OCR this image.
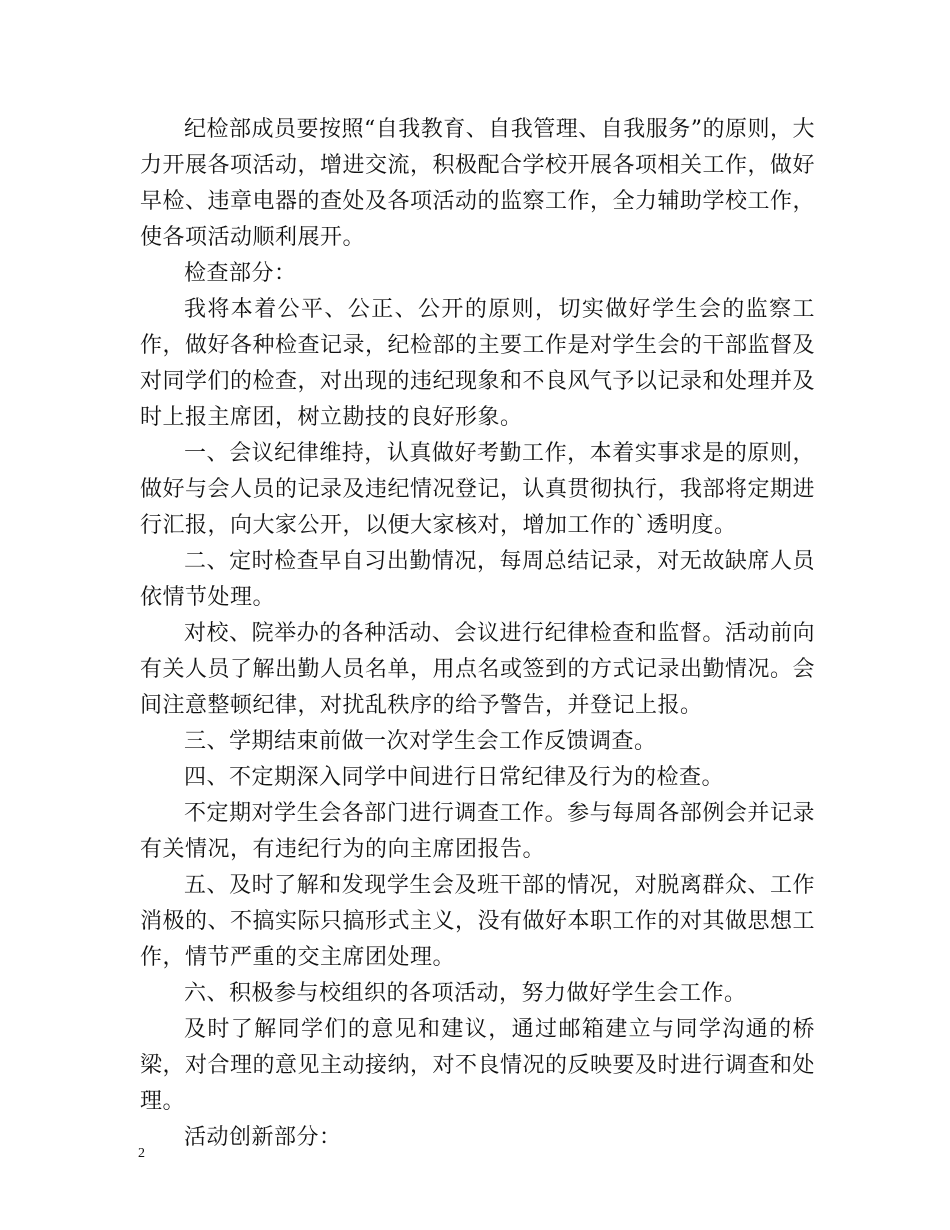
纪检部成员要按照“自我教育、自我管理、自我服务”的原则，大力开展各项活动，增进交流，积极配合学校开展各项相关工作，做好早检、违章电器的查处及各项活动的监察工作，全力辅助学校工作，使各项活动顺利展开。

检查部分：

我将本着公平、公正、公开的原则，切实做好学生会的监察工作，做好各种检查记录，纪检部的主要工作是对学生会的干部监督及对同学们的检查，对出现的违纪现象和不良风气予以记录和处理并及时上报主席团，树立勘技的良好形象。

一、会议纪律维持，认真做好考勤工作，本着实事求是的原则，做好与会人员的记录及违纪情况登记，认真贯彻执行，我部将定期进行汇报，向大家公开，以便大家核对，增加工作的`透明度。

二、定时检查早自习出勤情况，每周总结记录，对无故缺席人员依情节处理。

对校、院举办的各种活动、会议进行纪律检查和监督。活动前向有关人员了解出勤人员名单，用点名或签到的方式记录出勤情况。会间注意整顿纪律，对扰乱秩序的给予警告，并登记上报。

三、学期结束前做一次对学生会工作反馈调查。

四、不定期深入同学中间进行日常纪律及行为的检查。

不定期对学生会各部门进行调查工作。参与每周各部例会并记录有关情况，有违纪行为的向主席团报告。

五、及时了解和发现学生会及班干部的情况，对脱离群众、工作消极的、不搞实际只搞形式主义，没有做好本职工作的对其做思想工作，情节严重的交主席团处理。

六、积极参与校组织的各项活动，努力做好学生会工作。

及时了解同学们的意见和建议，通过邮箱建立与同学沟通的桥梁，对合理的意见主动接纳，对不良情况的反映要及时进行调查和处理。

活动创新部分：

2
